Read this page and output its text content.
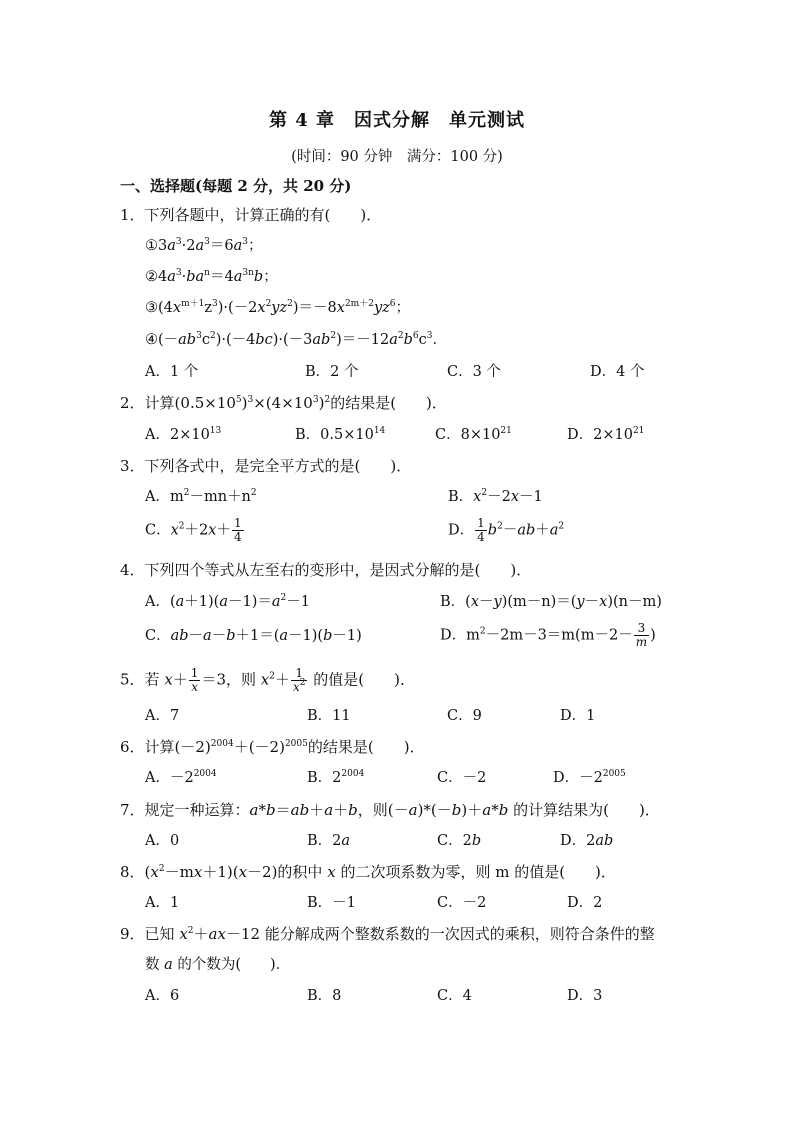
第 4 章　因式分解　单元测试
(时间：90 分钟　满分：100 分)
一、选择题(每题 2 分，共 20 分)
1．下列各题中，计算正确的有(　　)．
$①3a^3\cdot 2a^3=6a^3$；
$②4a^3\cdot ba^n=4a^{3n}b$；
$③(4x^{m+1}z^3)\cdot(-2x^2yz^2)=-8x^{2m+2}yz^6$；
$④(-ab^3c^2)\cdot(-4bc)\cdot(-3ab^2)=-12a^2b^6c^3$．
A．1 个	B．2 个	C．3 个	D．4 个
2．计算$(0.5\times 10^5)^3\times(4\times 10^3)^2$的结果是(　　)．
A．$2\times 10^{13}$	B．$0.5\times 10^{14}$	C．$8\times 10^{21}$	D．$2\times 10^{21}$
3．下列各式中，是完全平方式的是(　　)．
A．$m^2-mn+n^2$	B．$x^2-2x-1$
C．$x^2+2x+ \frac{1}{4}$	D． $\frac{1}{4} b^2-ab+a^2$
4．下列四个等式从左至右的变形中，是因式分解的是(　　)．
A．$(a+1)(a-1)=a^2-1$	B．(x－y)(m－n)＝(y－x)(n－m)
C．ab－a－b＋1＝(a－1)(b－1)	D．$m^2-2m-3=m(m-2- \frac{3}{m}$ )
5．若 $x+ \frac{1}{x} =3$，则 $x^2+ \frac{1}{x^2}$ 的值是(　　)．
A．7	B．11	C．9	D．1
6．计算$(-2)^{2004}+(-2)^{2005}$的结果是(　　)．
A．$-2^{2004}$	B．$2^{2004}$	C．－2	D．$-2^{2005}$
7．规定一种运算：a*b＝ab＋a＋b，则(－a)*(－b)＋a*b 的计算结果为(　　)．
A．0	B．2a	C．2b	D．2ab
8．$(x^2-mx+1)(x-2)$的积中 x 的二次项系数为零，则 m 的值是(　　)．
A．1	B．－1	C．－2	D．2
9．已知 $x^2+ax-12$ 能分解成两个整数系数的一次因式的乘积，则符合条件的整
数 a 的个数为(　　)．
A．6	B．8	C．4	D．3
